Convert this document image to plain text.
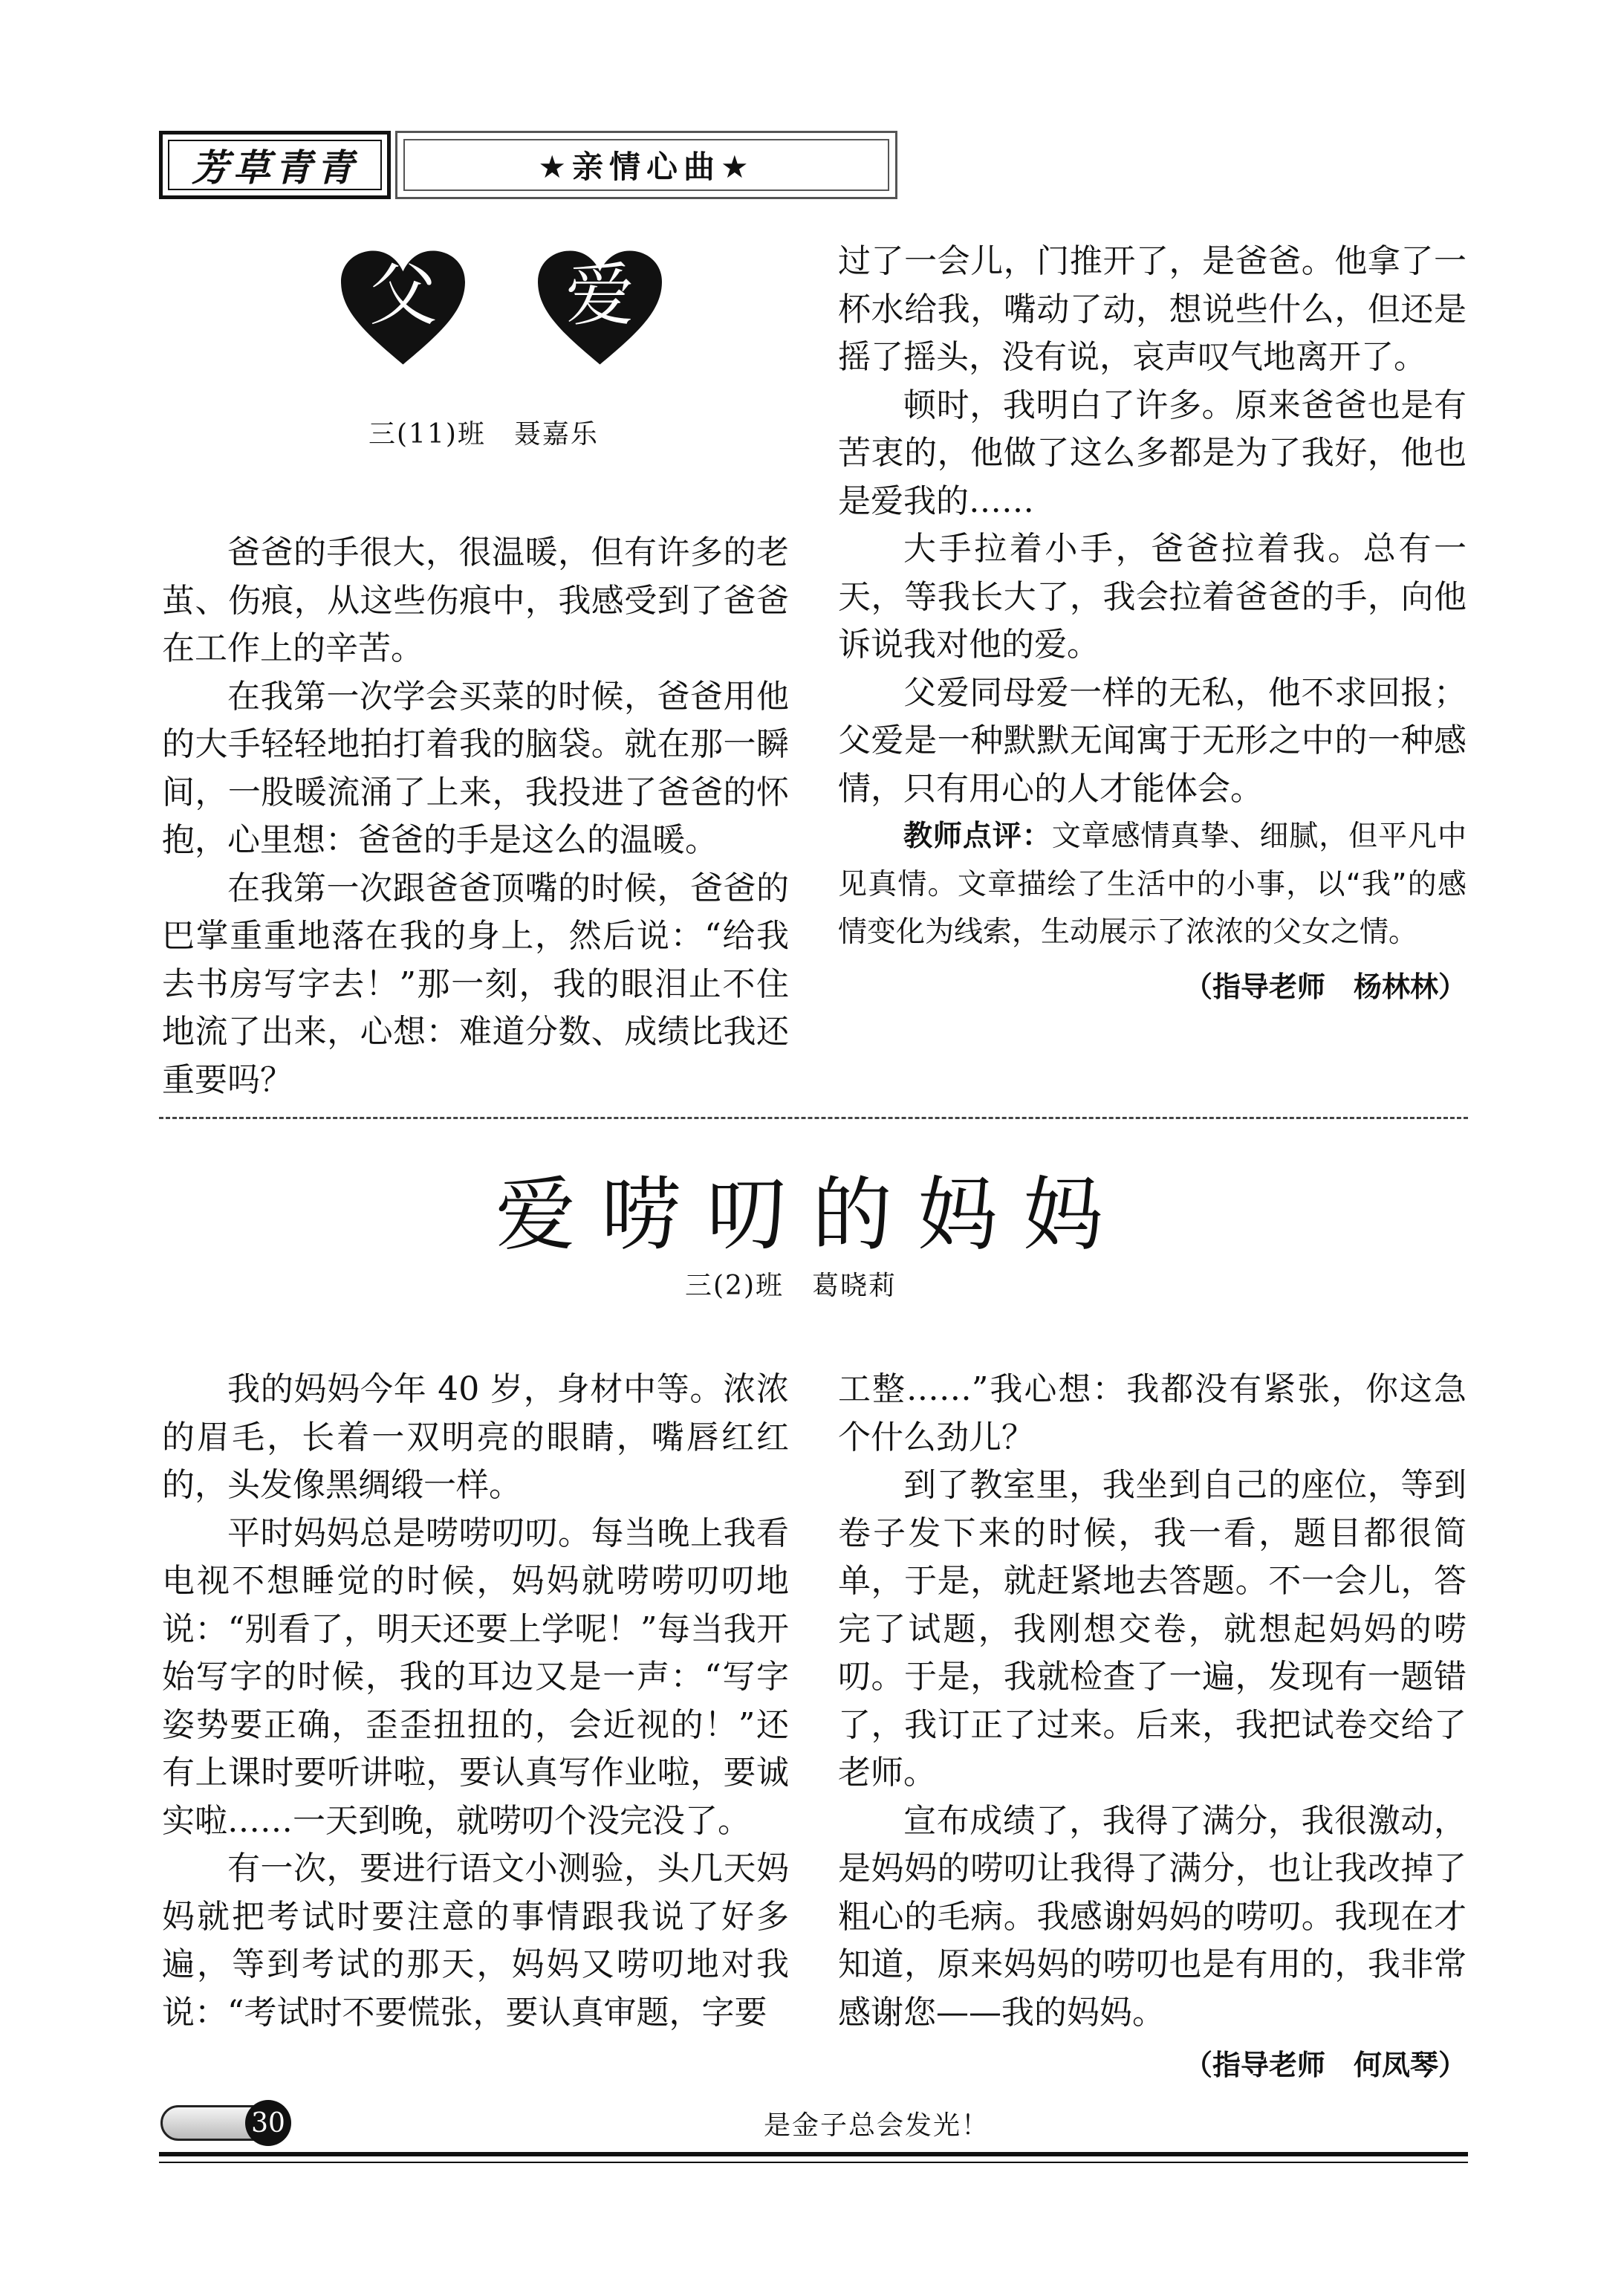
芳草青青	★亲情心曲★
父	爱
三(11)班　聂嘉乐

爸爸的手很大，很温暖，但有许多的老茧、伤痕，从这些伤痕中，我感受到了爸爸在工作上的辛苦。

在我第一次学会买菜的时候，爸爸用他的大手轻轻地拍打着我的脑袋。就在那一瞬间，一股暖流涌了上来，我投进了爸爸的怀抱，心里想：爸爸的手是这么的温暖。

在我第一次跟爸爸顶嘴的时候，爸爸的巴掌重重地落在我的身上，然后说：“给我去书房写字去！”那一刻，我的眼泪止不住地流了出来，心想：难道分数、成绩比我还重要吗？

过了一会儿，门推开了，是爸爸。他拿了一杯水给我，嘴动了动，想说些什么，但还是摇了摇头，没有说，哀声叹气地离开了。

顿时，我明白了许多。原来爸爸也是有苦衷的，他做了这么多都是为了我好，他也是爱我的……

大手拉着小手，爸爸拉着我。总有一天，等我长大了，我会拉着爸爸的手，向他诉说我对他的爱。

父爱同母爱一样的无私，他不求回报；父爱是一种默默无闻寓于无形之中的一种感情，只有用心的人才能体会。

教师点评：文章感情真挚、细腻，但平凡中见真情。文章描绘了生活中的小事，以“我”的感情变化为线索，生动展示了浓浓的父女之情。

（指导老师　杨林林）

爱唠叨的妈妈
三(2)班　葛晓莉

我的妈妈今年 40 岁，身材中等。浓浓的眉毛，长着一双明亮的眼睛，嘴唇红红的，头发像黑绸缎一样。

平时妈妈总是唠唠叨叨。每当晚上我看电视不想睡觉的时候，妈妈就唠唠叨叨地说：“别看了，明天还要上学呢！”每当我开始写字的时候，我的耳边又是一声：“写字姿势要正确，歪歪扭扭的，会近视的！”还有上课时要听讲啦，要认真写作业啦，要诚实啦……一天到晚，就唠叨个没完没了。

有一次，要进行语文小测验，头几天妈妈就把考试时要注意的事情跟我说了好多遍，等到考试的那天，妈妈又唠叨地对我说：“考试时不要慌张，要认真审题，字要

工整……”我心想：我都没有紧张，你这急个什么劲儿？

到了教室里，我坐到自己的座位，等到卷子发下来的时候，我一看，题目都很简单，于是，就赶紧地去答题。不一会儿，答完了试题，我刚想交卷，就想起妈妈的唠叨。于是，我就检查了一遍，发现有一题错了，我订正了过来。后来，我把试卷交给了老师。

宣布成绩了，我得了满分，我很激动，是妈妈的唠叨让我得了满分，也让我改掉了粗心的毛病。我感谢妈妈的唠叨。我现在才知道，原来妈妈的唠叨也是有用的，我非常感谢您——我的妈妈。

（指导老师　何凤琴）

30	是金子总会发光！
